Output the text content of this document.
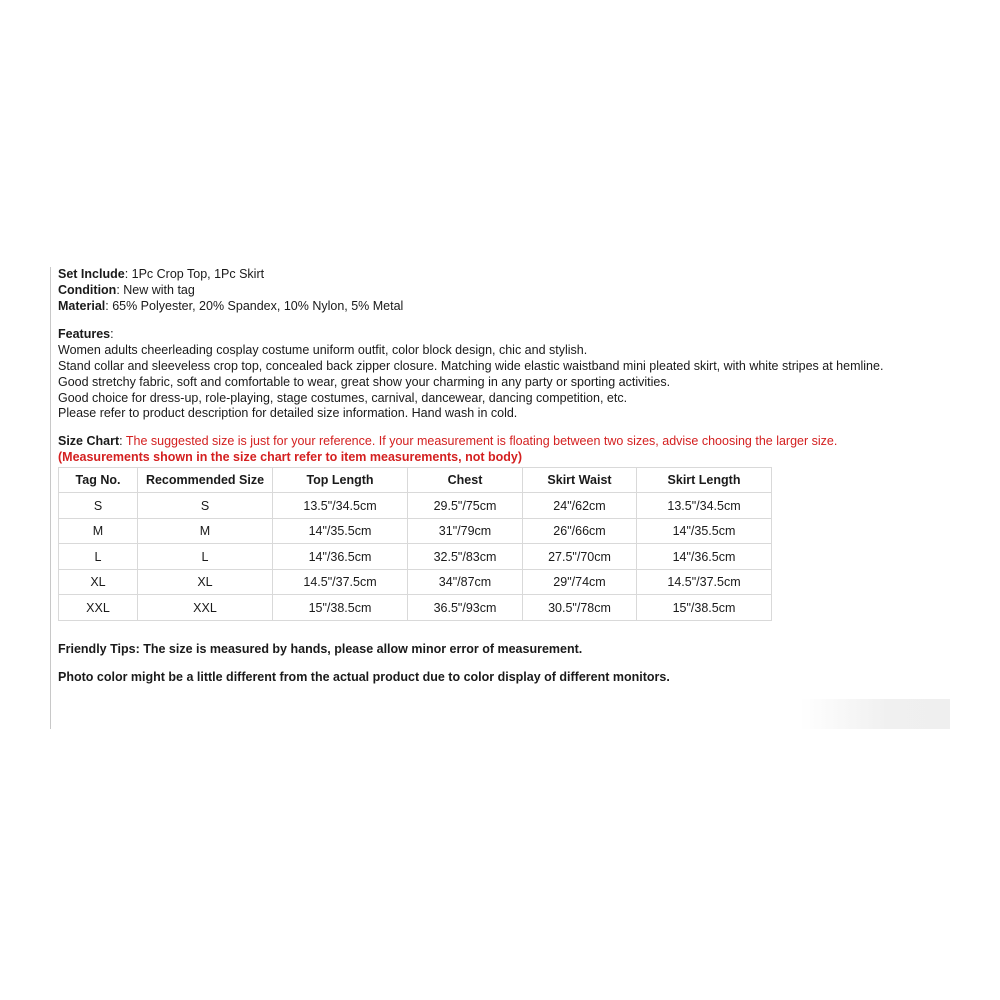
Set Include: 1Pc Crop Top, 1Pc Skirt
Condition: New with tag
Material: 65% Polyester, 20% Spandex, 10% Nylon, 5% Metal
Features:
Women adults cheerleading cosplay costume uniform outfit, color block design, chic and stylish.
Stand collar and sleeveless crop top, concealed back zipper closure. Matching wide elastic waistband mini pleated skirt, with white stripes at hemline.
Good stretchy fabric, soft and comfortable to wear, great show your charming in any party or sporting activities.
Good choice for dress-up, role-playing, stage costumes, carnival, dancewear, dancing competition, etc.
Please refer to product description for detailed size information. Hand wash in cold.
Size Chart: The suggested size is just for your reference. If your measurement is floating between two sizes, advise choosing the larger size.
(Measurements shown in the size chart refer to item measurements, not body)
Tag No.	Recommended Size	Top Length	Chest	Skirt Waist	Skirt Length
S	S	13.5"/34.5cm	29.5"/75cm	24"/62cm	13.5"/34.5cm
M	M	14"/35.5cm	31"/79cm	26"/66cm	14"/35.5cm
L	L	14"/36.5cm	32.5"/83cm	27.5"/70cm	14"/36.5cm
XL	XL	14.5"/37.5cm	34"/87cm	29"/74cm	14.5"/37.5cm
XXL	XXL	15"/38.5cm	36.5"/93cm	30.5"/78cm	15"/38.5cm
Friendly Tips: The size is measured by hands, please allow minor error of measurement.
Photo color might be a little different from the actual product due to color display of different monitors.
